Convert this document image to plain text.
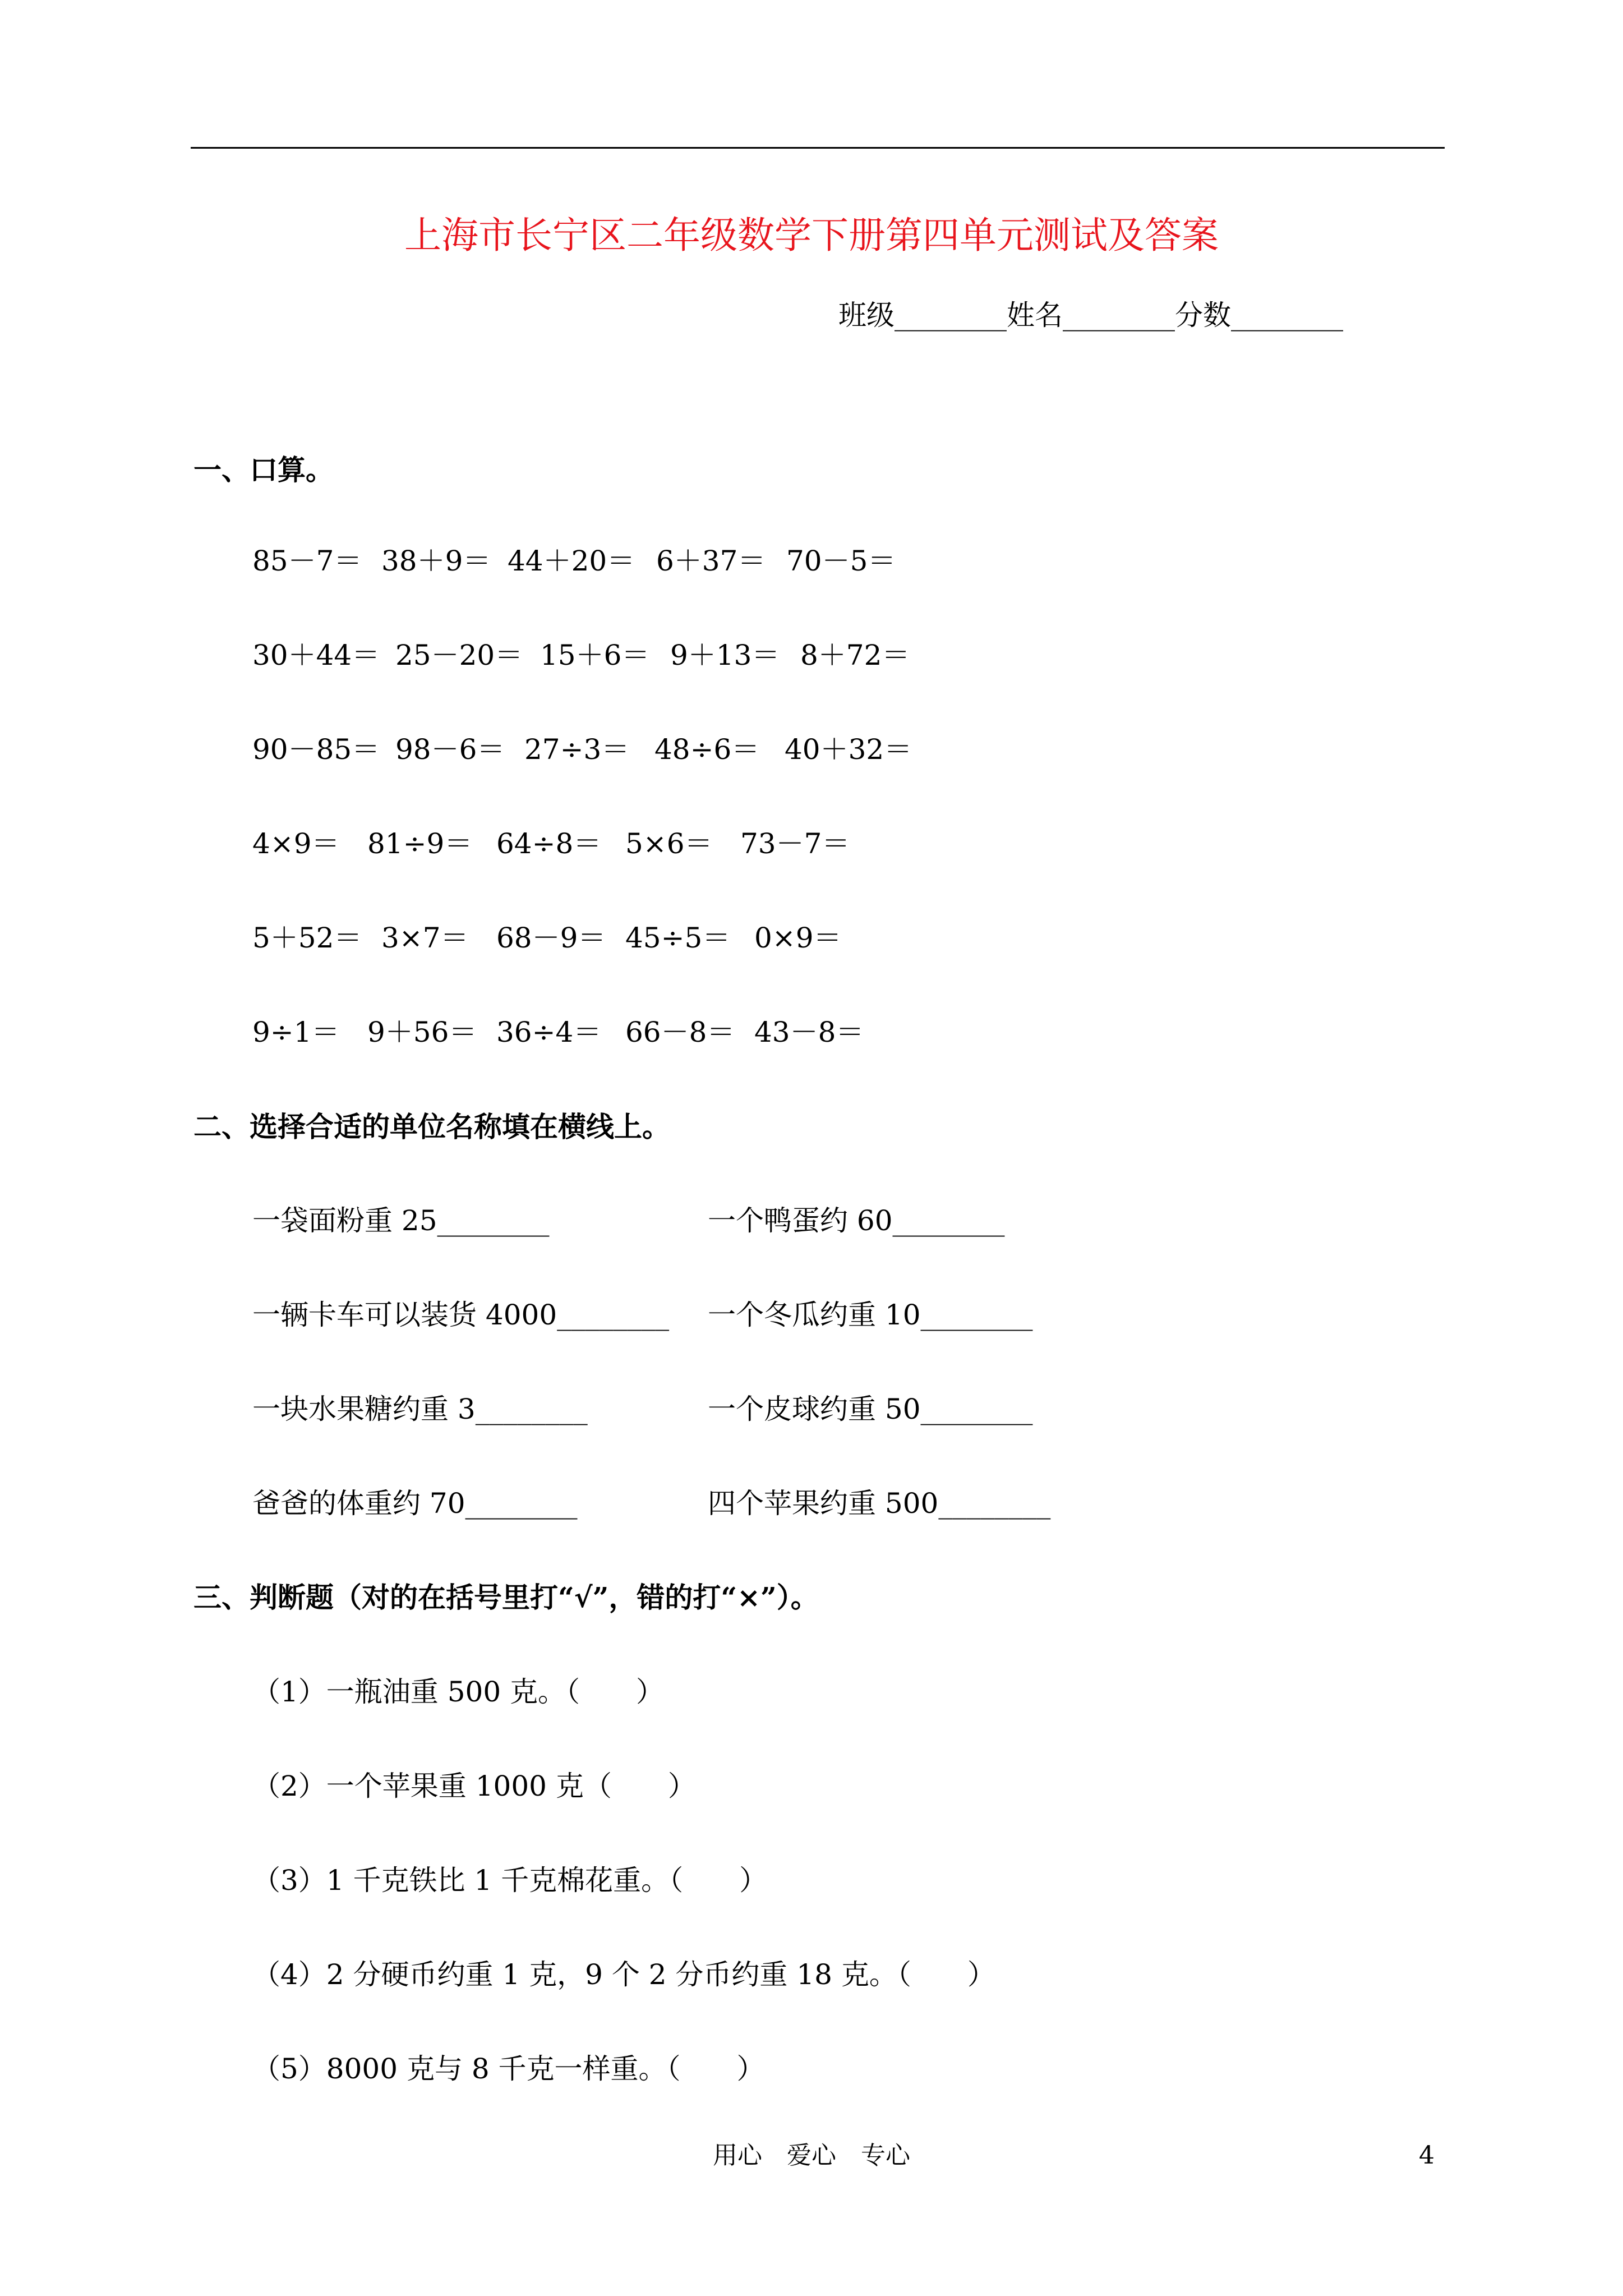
上海市长宁区二年级数学下册第四单元测试及答案
班级________姓名________分数________
一、口算。
85－7＝ 38＋9＝ 44＋20＝ 6＋37＝ 70－5＝
30＋44＝ 25－20＝ 15＋6＝ 9＋13＝ 8＋72＝
90－85＝ 98－6＝ 27÷3＝ 48÷6＝ 40＋32＝
4×9＝ 81÷9＝ 64÷8＝ 5×6＝ 73－7＝
5＋52＝ 3×7＝ 68－9＝ 45÷5＝ 0×9＝
9÷1＝ 9＋56＝ 36÷4＝ 66－8＝ 43－8＝
二、选择合适的单位名称填在横线上。
一袋面粉重 25________	一个鸭蛋约 60________
一辆卡车可以装货 4000________ 一个冬瓜约重 10________
一块水果糖约重 3________	一个皮球约重 50________
爸爸的体重约 70________	四个苹果约重 500________
三、判断题（对的在括号里打“√”，错的打“×”）。
（1）一瓶油重 500 克。（　　）
（2）一个苹果重 1000 克（　　）
（3）1 千克铁比 1 千克棉花重。（　　）
（4）2 分硬币约重 1 克，9 个 2 分币约重 18 克。（　　）
（5）8000 克与 8 千克一样重。（　　）
用心　爱心　专心	4
